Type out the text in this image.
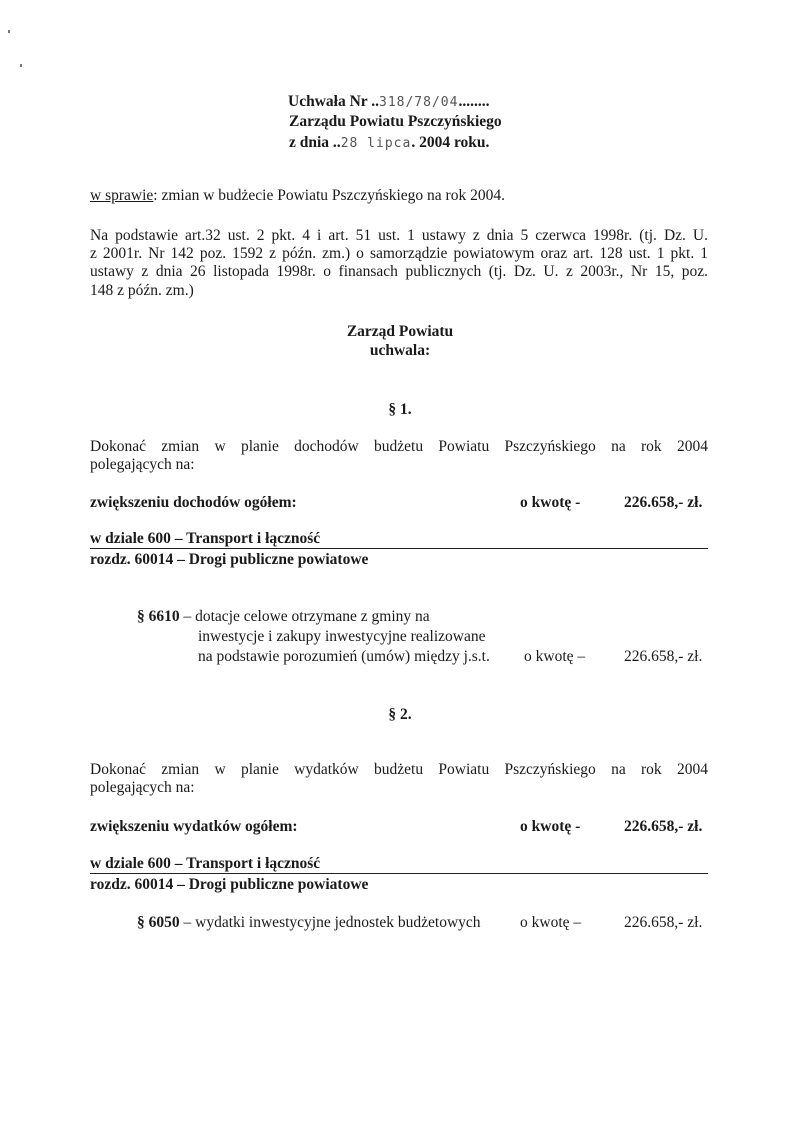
Uchwała Nr ..318/78/04........
Zarządu Powiatu Pszczyńskiego
z dnia ..28 lipca. 2004 roku.
w sprawie: zmian w budżecie Powiatu Pszczyńskiego na rok 2004.
Na podstawie art.32 ust. 2 pkt. 4 i art. 51 ust. 1 ustawy z dnia 5 czerwca 1998r. (tj. Dz. U.
z 2001r. Nr 142 poz. 1592 z późn. zm.) o samorządzie powiatowym oraz art. 128 ust. 1 pkt. 1
ustawy z dnia 26 listopada 1998r. o finansach publicznych (tj. Dz. U. z 2003r., Nr 15, poz.
148 z późn. zm.)
Zarząd Powiatu
uchwala:
§ 1.
Dokonać zmian w planie dochodów budżetu Powiatu Pszczyńskiego na rok 2004
polegających na:
zwiększeniu dochodów ogółem:	o kwotę -	226.658,- zł.
w dziale 600 – Transport i łączność
rozdz. 60014 – Drogi publiczne powiatowe
§ 6610 – dotacje celowe otrzymane z gminy na
inwestycje i zakupy inwestycyjne realizowane
na podstawie porozumień (umów) między j.s.t. o kwotę –	226.658,- zł.
§ 2.
Dokonać zmian w planie wydatków budżetu Powiatu Pszczyńskiego na rok 2004
polegających na:
zwiększeniu wydatków ogółem:	o kwotę -	226.658,- zł.
w dziale 600 – Transport i łączność
rozdz. 60014 – Drogi publiczne powiatowe
§ 6050 – wydatki inwestycyjne jednostek budżetowych	o kwotę –	226.658,- zł.
